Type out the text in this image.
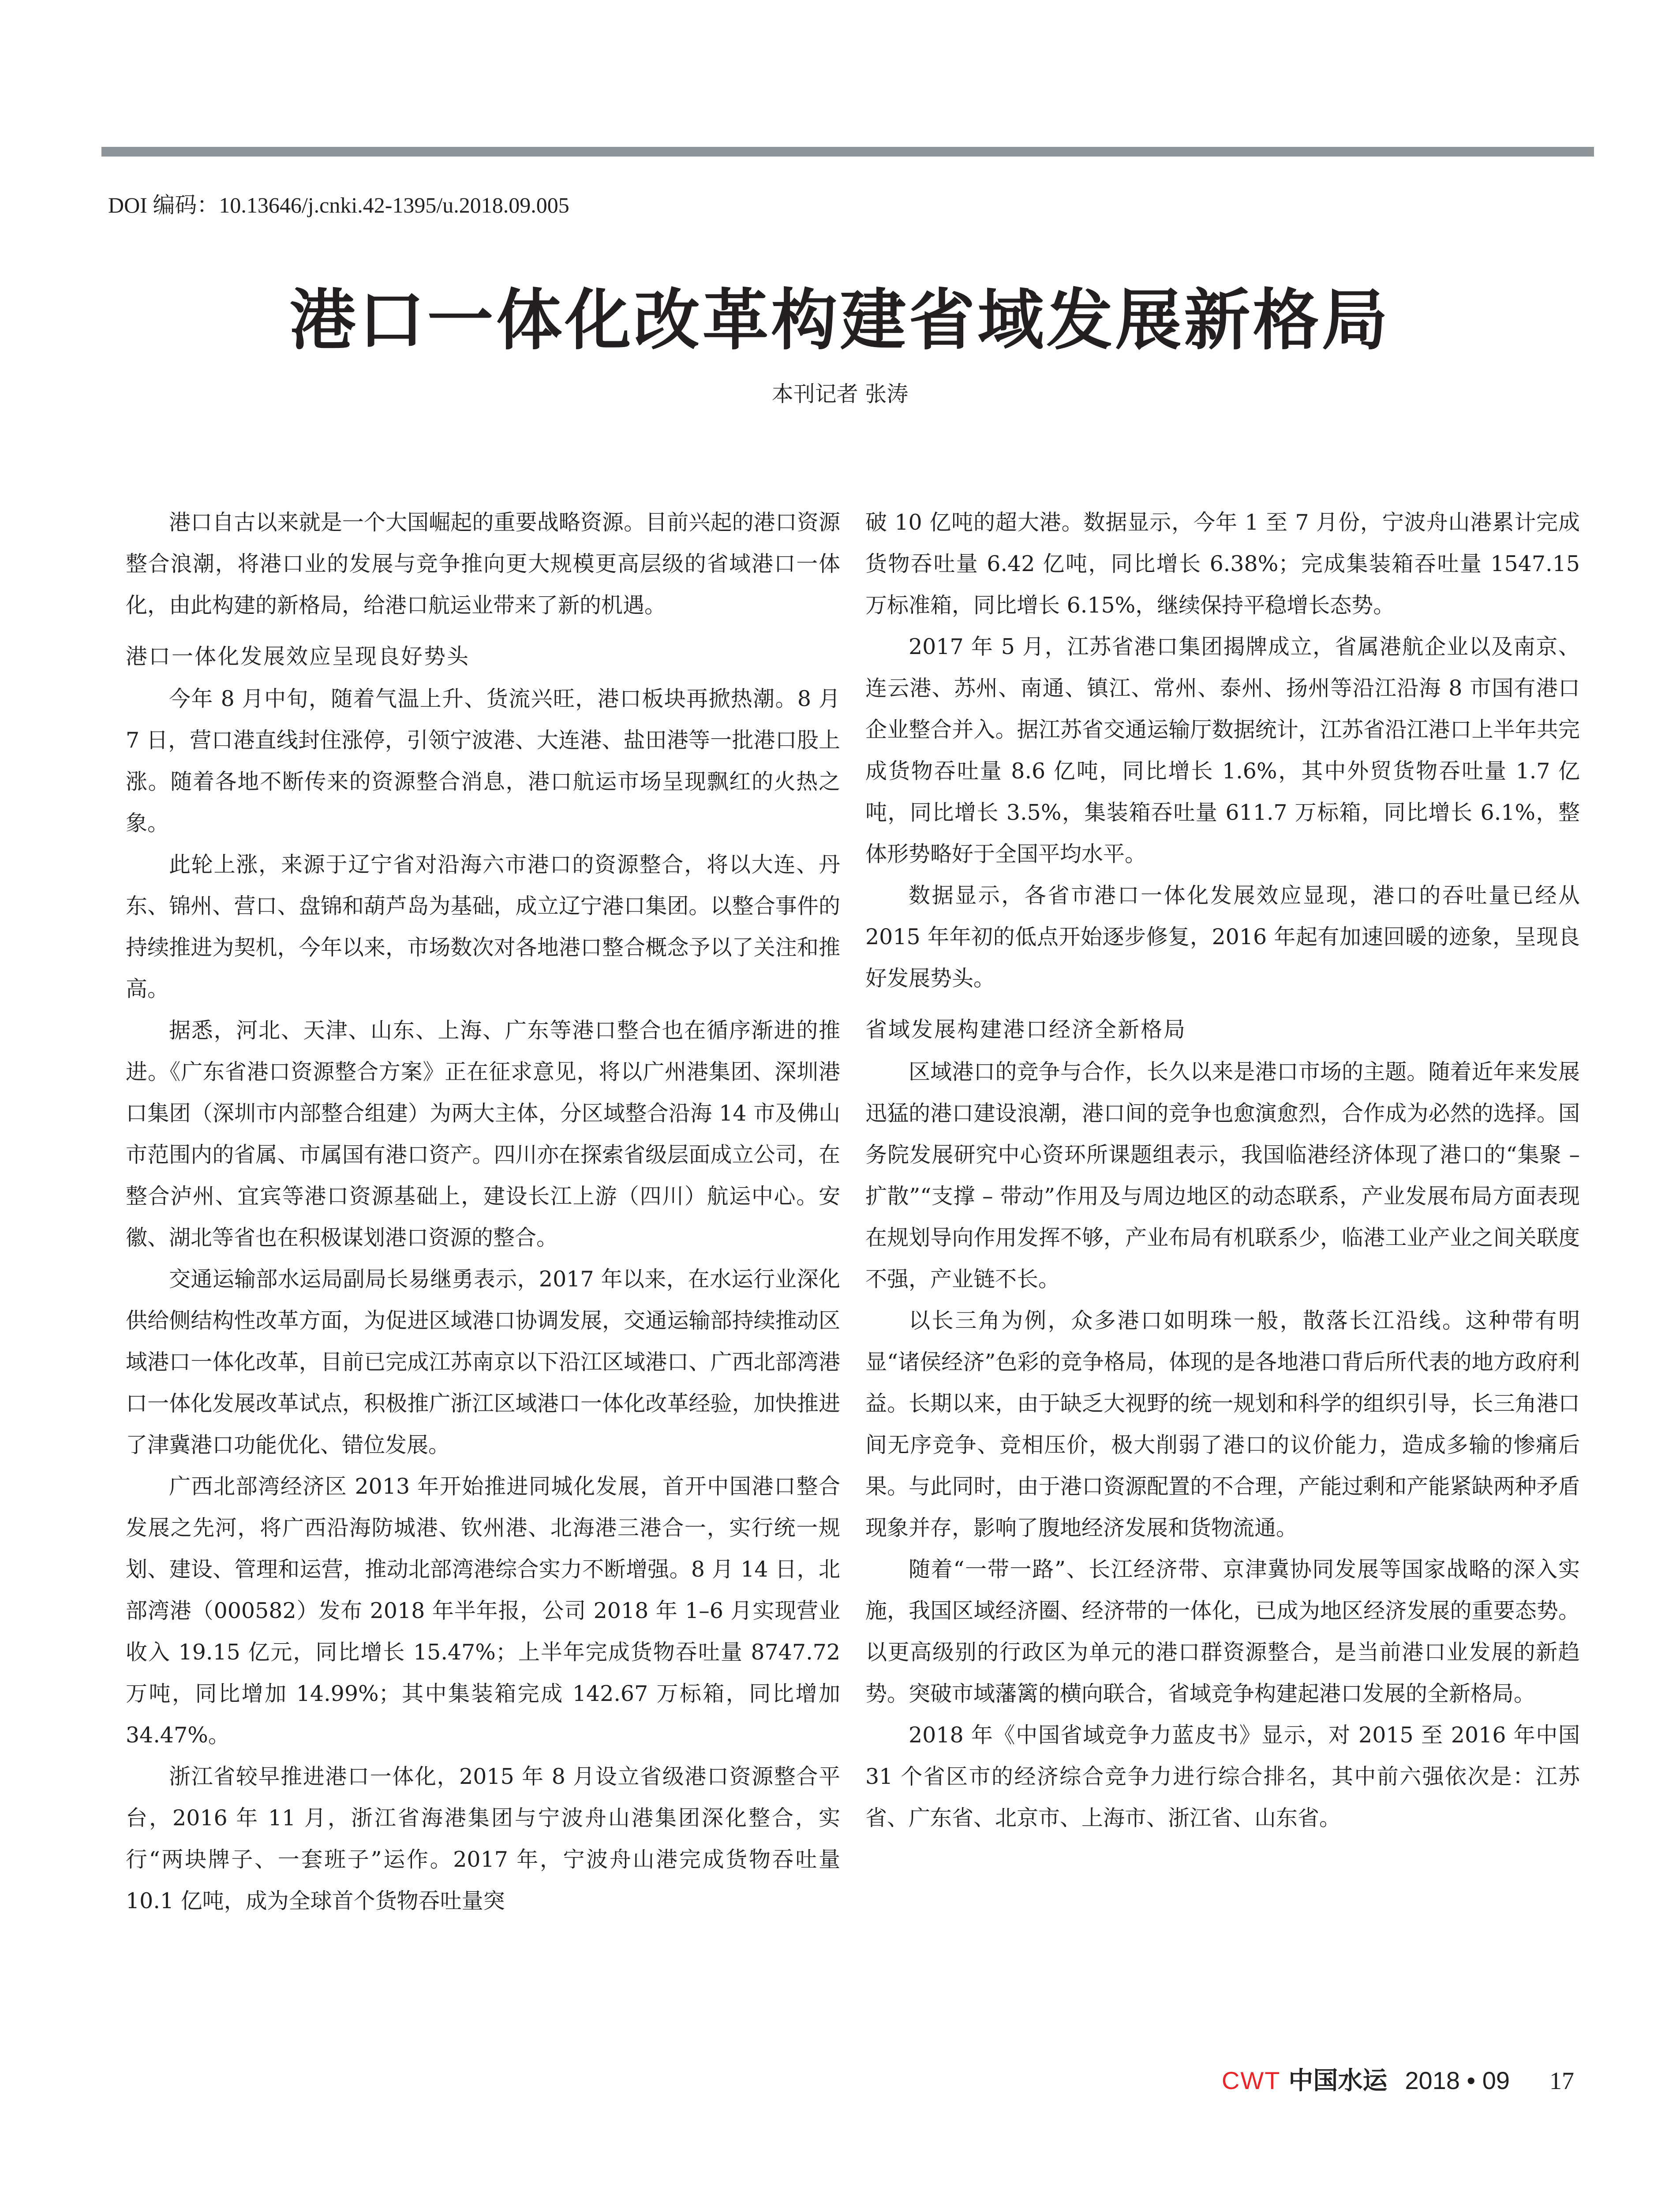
DOI 编码：10.13646/j.cnki.42-1395/u.2018.09.005
港口一体化改革构建省域发展新格局
本刊记者 张涛

港口自古以来就是一个大国崛起的重要战略资源。目前兴起的港口资源整合浪潮，将港口业的发展与竞争推向更大规模更高层级的省域港口一体化，由此构建的新格局，给港口航运业带来了新的机遇。

港口一体化发展效应呈现良好势头

今年 8 月中旬，随着气温上升、货流兴旺，港口板块再掀热潮。8 月 7 日，营口港直线封住涨停，引领宁波港、大连港、盐田港等一批港口股上涨。随着各地不断传来的资源整合消息，港口航运市场呈现飘红的火热之象。

此轮上涨，来源于辽宁省对沿海六市港口的资源整合，将以大连、丹东、锦州、营口、盘锦和葫芦岛为基础，成立辽宁港口集团。以整合事件的持续推进为契机，今年以来，市场数次对各地港口整合概念予以了关注和推高。

据悉，河北、天津、山东、上海、广东等港口整合也在循序渐进的推进。《广东省港口资源整合方案》正在征求意见，将以广州港集团、深圳港口集团（深圳市内部整合组建）为两大主体，分区域整合沿海 14 市及佛山市范围内的省属、市属国有港口资产。四川亦在探索省级层面成立公司，在整合泸州、宜宾等港口资源基础上，建设长江上游（四川）航运中心。安徽、湖北等省也在积极谋划港口资源的整合。

交通运输部水运局副局长易继勇表示，2017 年以来，在水运行业深化供给侧结构性改革方面，为促进区域港口协调发展，交通运输部持续推动区域港口一体化改革，目前已完成江苏南京以下沿江区域港口、广西北部湾港口一体化发展改革试点，积极推广浙江区域港口一体化改革经验，加快推进了津冀港口功能优化、错位发展。

广西北部湾经济区 2013 年开始推进同城化发展，首开中国港口整合发展之先河，将广西沿海防城港、钦州港、北海港三港合一，实行统一规划、建设、管理和运营，推动北部湾港综合实力不断增强。8 月 14 日，北部湾港（000582）发布 2018 年半年报，公司 2018 年 1–6 月实现营业收入 19.15 亿元，同比增长 15.47%；上半年完成货物吞吐量 8747.72 万吨，同比增加 14.99%；其中集装箱完成 142.67 万标箱，同比增加 34.47%。

浙江省较早推进港口一体化，2015 年 8 月设立省级港口资源整合平台，2016 年 11 月，浙江省海港集团与宁波舟山港集团深化整合，实行“两块牌子、一套班子”运作。2017 年，宁波舟山港完成货物吞吐量 10.1 亿吨，成为全球首个货物吞吐量突

破 10 亿吨的超大港。数据显示，今年 1 至 7 月份，宁波舟山港累计完成货物吞吐量 6.42 亿吨，同比增长 6.38%；完成集装箱吞吐量 1547.15 万标准箱，同比增长 6.15%，继续保持平稳增长态势。

2017 年 5 月，江苏省港口集团揭牌成立，省属港航企业以及南京、连云港、苏州、南通、镇江、常州、泰州、扬州等沿江沿海 8 市国有港口企业整合并入。据江苏省交通运输厅数据统计，江苏省沿江港口上半年共完成货物吞吐量 8.6 亿吨，同比增长 1.6%，其中外贸货物吞吐量 1.7 亿吨，同比增长 3.5%，集装箱吞吐量 611.7 万标箱，同比增长 6.1%，整体形势略好于全国平均水平。

数据显示，各省市港口一体化发展效应显现，港口的吞吐量已经从 2015 年年初的低点开始逐步修复，2016 年起有加速回暖的迹象，呈现良好发展势头。

省域发展构建港口经济全新格局

区域港口的竞争与合作，长久以来是港口市场的主题。随着近年来发展迅猛的港口建设浪潮，港口间的竞争也愈演愈烈，合作成为必然的选择。国务院发展研究中心资环所课题组表示，我国临港经济体现了港口的“集聚 – 扩散”“支撑 – 带动”作用及与周边地区的动态联系，产业发展布局方面表现在规划导向作用发挥不够，产业布局有机联系少，临港工业产业之间关联度不强，产业链不长。

以长三角为例，众多港口如明珠一般，散落长江沿线。这种带有明显“诸侯经济”色彩的竞争格局，体现的是各地港口背后所代表的地方政府利益。长期以来，由于缺乏大视野的统一规划和科学的组织引导，长三角港口间无序竞争、竞相压价，极大削弱了港口的议价能力，造成多输的惨痛后果。与此同时，由于港口资源配置的不合理，产能过剩和产能紧缺两种矛盾现象并存，影响了腹地经济发展和货物流通。

随着“一带一路”、长江经济带、京津冀协同发展等国家战略的深入实施，我国区域经济圈、经济带的一体化，已成为地区经济发展的重要态势。以更高级别的行政区为单元的港口群资源整合，是当前港口业发展的新趋势。突破市域藩篱的横向联合，省域竞争构建起港口发展的全新格局。

2018 年《中国省域竞争力蓝皮书》显示，对 2015 至 2016 年中国 31 个省区市的经济综合竞争力进行综合排名，其中前六强依次是：江苏省、广东省、北京市、上海市、浙江省、山东省。

CWT 中国水运 2018 • 09 17
